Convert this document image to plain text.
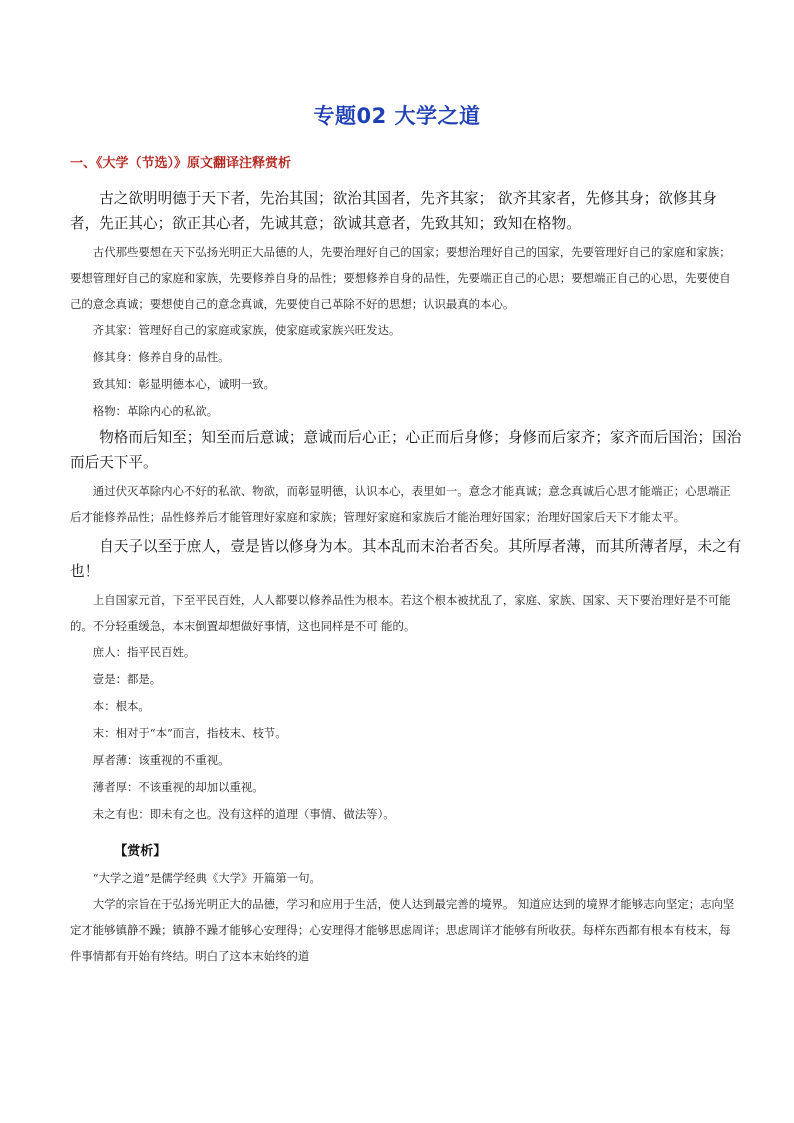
专题02 大学之道
一、《大学（节选）》原文翻译注释赏析

古之欲明明德于天下者，先治其国；欲治其国者，先齐其家； 欲齐其家者，先修其身；欲修其身者，先正其心；欲正其心者，先诚其意；欲诚其意者，先致其知；致知在格物。

古代那些要想在天下弘扬光明正大品德的人，先要治理好自己的国家；要想治理好自己的国家，先要管理好自己的家庭和家族；要想管理好自己的家庭和家族，先要修养自身的品性；要想修养自身的品性，先要端正自己的心思；要想端正自己的心思，先要使自己的意念真诚；要想使自己的意念真诚，先要使自己革除不好的思想；认识最真的本心。

齐其家：管理好自己的家庭或家族，使家庭或家族兴旺发达。

修其身：修养自身的品性。

致其知：彰显明德本心，诚明一致。

格物：革除内心的私欲。

物格而后知至；知至而后意诚；意诚而后心正；心正而后身修；身修而后家齐；家齐而后国治；国治而后天下平。

通过伏灭革除内心不好的私欲、物欲，而彰显明德，认识本心，表里如一。意念才能真诚；意念真诚后心思才能端正；心思端正后才能修养品性；品性修养后才能管理好家庭和家族；管理好家庭和家族后才能治理好国家；治理好国家后天下才能太平。

自天子以至于庶人，壹是皆以修身为本。其本乱而末治者否矣。其所厚者薄，而其所薄者厚，未之有也！

上自国家元首，下至平民百姓，人人都要以修养品性为根本。若这个根本被扰乱了，家庭、家族、国家、天下要治理好是不可能的。不分轻重缓急，本末倒置却想做好事情，这也同样是不可 能的。

庶人：指平民百姓。

壹是：都是。

本：根本。

末：相对于“本”而言，指枝末、枝节。

厚者薄：该重视的不重视。

薄者厚：不该重视的却加以重视。

未之有也：即未有之也。没有这样的道理（事情、做法等）。

【赏析】

“大学之道”是儒学经典《大学》开篇第一句。

大学的宗旨在于弘扬光明正大的品德，学习和应用于生活，使人达到最完善的境界。 知道应达到的境界才能够志向坚定；志向坚定才能够镇静不躁；镇静不躁才能够心安理得；心安理得才能够思虑周详；思虑周详才能够有所收获。每样东西都有根本有枝末，每件事情都有开始有终结。明白了这本末始终的道
